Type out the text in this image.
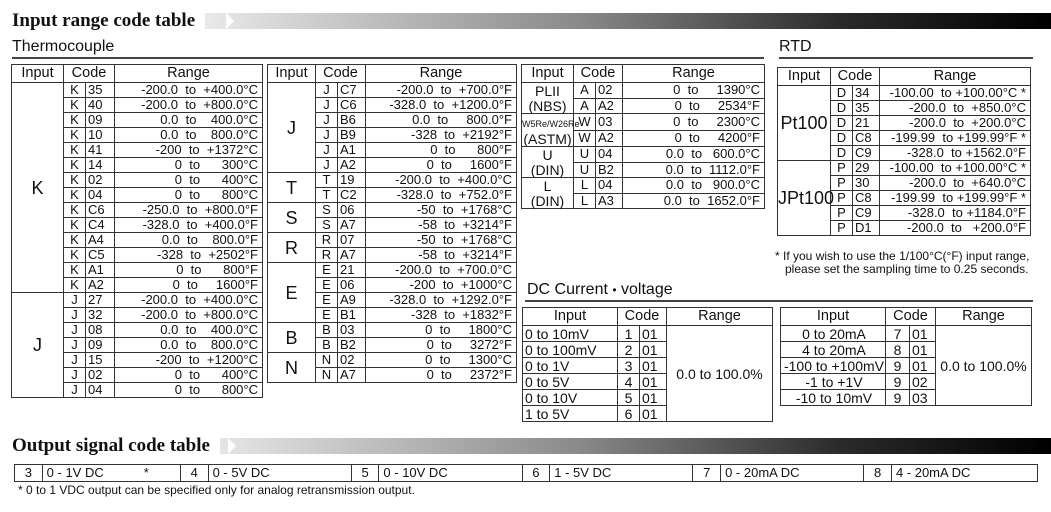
Input range code table
Thermocouple	RTD
Input	Code		Range
K	K	35	-200.0  to  +400.0°C
	K	40	-200.0  to  +800.0°C
	K	09	0.0  to    400.0°C
	K	10	0.0  to    800.0°C
	K	41	-200  to  +1372°C
	K	14	0  to      300°C
	K	02	0  to      400°C
	K	04	0  to      800°C
	K	C6	-250.0  to  +800.0°F
	K	C4	-328.0  to  +400.0°F
	K	A4	0.0  to    800.0°F
	K	C5	-328  to  +2502°F
	K	A1	0  to      800°F
	K	A2	0  to     1600°F
J	J	27	-200.0  to  +400.0°C
	J	32	-200.0  to  +800.0°C
	J	08	0.0  to    400.0°C
	J	09	0.0  to    800.0°C
	J	15	-200  to  +1200°C
	J	02	0  to      400°C
	J	04	0  to      800°C
Input	Code		Range
J	J	C7	-200.0  to  +700.0°F
	J	C6	-328.0  to  +1200.0°F
	J	B6	0.0  to     800.0°F
	J	B9	-328  to  +2192°F
	J	A1	0  to      800°F
	J	A2	0  to     1600°F
T	T	19	-200.0  to  +400.0°C
	T	C2	-328.0  to  +752.0°F
S	S	06	-50  to  +1768°C
	S	A7	-58  to  +3214°F
R	R	07	-50  to  +1768°C
	R	A7	-58  to  +3214°F
E	E	21	-200.0  to  +700.0°C
	E	06	-200  to  +1000°C
	E	A9	-328.0  to  +1292.0°F
	E	B1	-328  to  +1832°F
B	B	03	0  to     1800°C
	B	B2	0  to     3272°F
N	N	02	0  to     1300°C
	N	A7	0  to     2372°F
Input	Code		Range
PLII
(NBS)	A	02	0  to     1390°C
	A	A2	0  to     2534°F
W5Re/W26Re
(ASTM)	W	03	0  to     2300°C
	W	A2	0  to     4200°F
U
(DIN)	U	04	0.0  to   600.0°C
	U	B2	0.0  to  1112.0°F
L
(DIN)	L	04	0.0  to   900.0°C
	L	A3	0.0  to  1652.0°F
Input	Code		Range
Pt100	D	34	-100.00  to +100.00°C *
	D	35	-200.0  to  +850.0°C
	D	21	-200.0  to  +200.0°C
	D	C8	-199.99  to +199.99°F *
	D	C9	-328.0  to +1562.0°F
JPt100	P	29	-100.00  to +100.00°C *
	P	30	-200.0  to  +640.0°C
	P	C8	-199.99  to +199.99°F *
	P	C9	-328.0  to +1184.0°F
	P	D1	-200.0  to   +200.0°F
* If you wish to use the 1/100°C(°F) input range,
please set the sampling time to 0.25 seconds.
DC Current • voltage
Input	Code		Range
0 to 10mV	1	01	0.0 to 100.0%
0 to 100mV	2	01	
0 to 1V	3	01	
0 to 5V	4	01	
0 to 10V	5	01	
1 to 5V	6	01	
Input	Code		Range
0 to 20mA	7	01	0.0 to 100.0%
4 to 20mA	8	01	
-100 to +100mV	9	01	
-1 to +1V	9	02	
-10 to 10mV	9	03	
Output signal code table
3	0 - 1V DC	*	4	0 - 5V DC	5	0 - 10V DC	6	1 - 5V DC	7	0 - 20mA DC	8	4 - 20mA DC
* 0 to 1 VDC output can be specified only for analog retransmission output.
